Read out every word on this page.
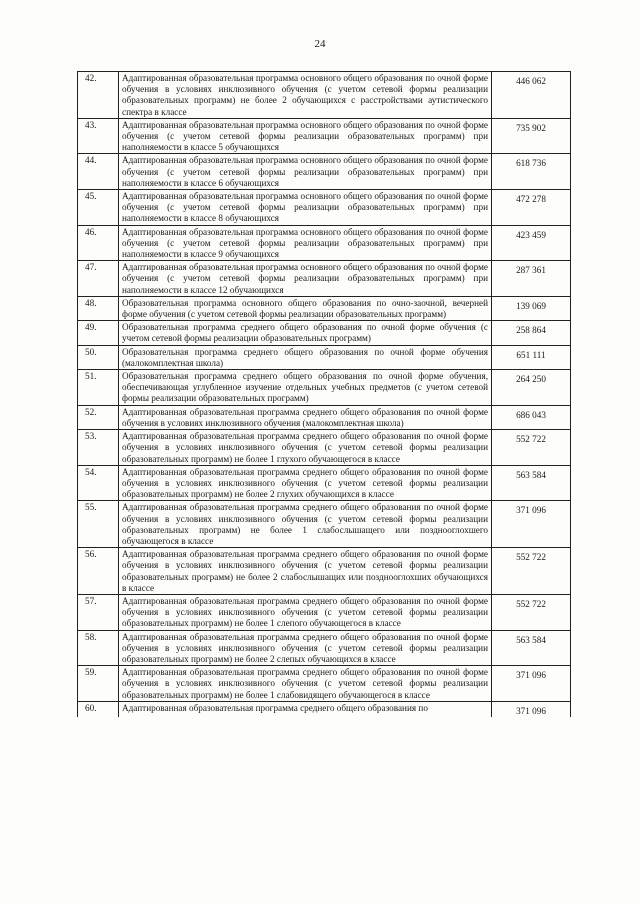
24
42.	Адаптированная образовательная программа основного общего образования по очной форме обучения в условиях инклюзивного обучения (с учетом сетевой формы реализации образовательных программ) не более 2 обучающихся с расстройствами аутистического спектра в классе	446 062
43.	Адаптированная образовательная программа основного общего образования по очной форме обучения (с учетом сетевой формы реализации образовательных программ) при наполняемости в классе 5 обучающихся	735 902
44.	Адаптированная образовательная программа основного общего образования по очной форме обучения (с учетом сетевой формы реализации образовательных программ) при наполняемости в классе 6 обучающихся	618 736
45.	Адаптированная образовательная программа основного общего образования по очной форме обучения (с учетом сетевой формы реализации образовательных программ) при наполняемости в классе 8 обучающихся	472 278
46.	Адаптированная образовательная программа основного общего образования по очной форме обучения (с учетом сетевой формы реализации образовательных программ) при наполняемости в классе 9 обучающихся	423 459
47.	Адаптированная образовательная программа основного общего образования по очной форме обучения (с учетом сетевой формы реализации образовательных программ) при наполняемости в классе 12 обучающихся	287 361
48.	Образовательная программа основного общего образования по очно-заочной, вечерней форме обучения (с учетом сетевой формы реализации образовательных программ)	139 069
49.	Образовательная программа среднего общего образования по очной форме обучения (с учетом сетевой формы реализации образовательных программ)	258 864
50.	Образовательная программа среднего общего образования по очной форме обучения (малокомплектная школа)	651 111
51.	Образовательная программа среднего общего образования по очной форме обучения, обеспечивающая углубленное изучение отдельных учебных предметов (с учетом сетевой формы реализации образовательных программ)	264 250
52.	Адаптированная образовательная программа среднего общего образования по очной форме обучения в условиях инклюзивного обучения (малокомплектная школа)	686 043
53.	Адаптированная образовательная программа среднего общего образования по очной форме обучения в условиях инклюзивного обучения (с учетом сетевой формы реализации образовательных программ) не более 1 глухого обучающегося в классе	552 722
54.	Адаптированная образовательная программа среднего общего образования по очной форме обучения в условиях инклюзивного обучения (с учетом сетевой формы реализации образовательных программ) не более 2 глухих обучающихся в классе	563 584
55.	Адаптированная образовательная программа среднего общего образования по очной форме обучения в условиях инклюзивного обучения (с учетом сетевой формы реализации образовательных программ) не более 1 слабослышащего или позднооглохшего обучающегося в классе	371 096
56.	Адаптированная образовательная программа среднего общего образования по очной форме обучения в условиях инклюзивного обучения (с учетом сетевой формы реализации образовательных программ) не более 2 слабослышащих или позднооглохших обучающихся в классе	552 722
57.	Адаптированная образовательная программа среднего общего образования по очной форме обучения в условиях инклюзивного обучения (с учетом сетевой формы реализации образовательных программ) не более 1 слепого обучающегося в классе	552 722
58.	Адаптированная образовательная программа среднего общего образования по очной форме обучения в условиях инклюзивного обучения (с учетом сетевой формы реализации образовательных программ) не более 2 слепых обучающихся в классе	563 584
59.	Адаптированная образовательная программа среднего общего образования по очной форме обучения в условиях инклюзивного обучения (с учетом сетевой формы реализации образовательных программ) не более 1 слабовидящего обучающегося в классе	371 096
60.	Адаптированная образовательная программа среднего общего образования по	371 096
